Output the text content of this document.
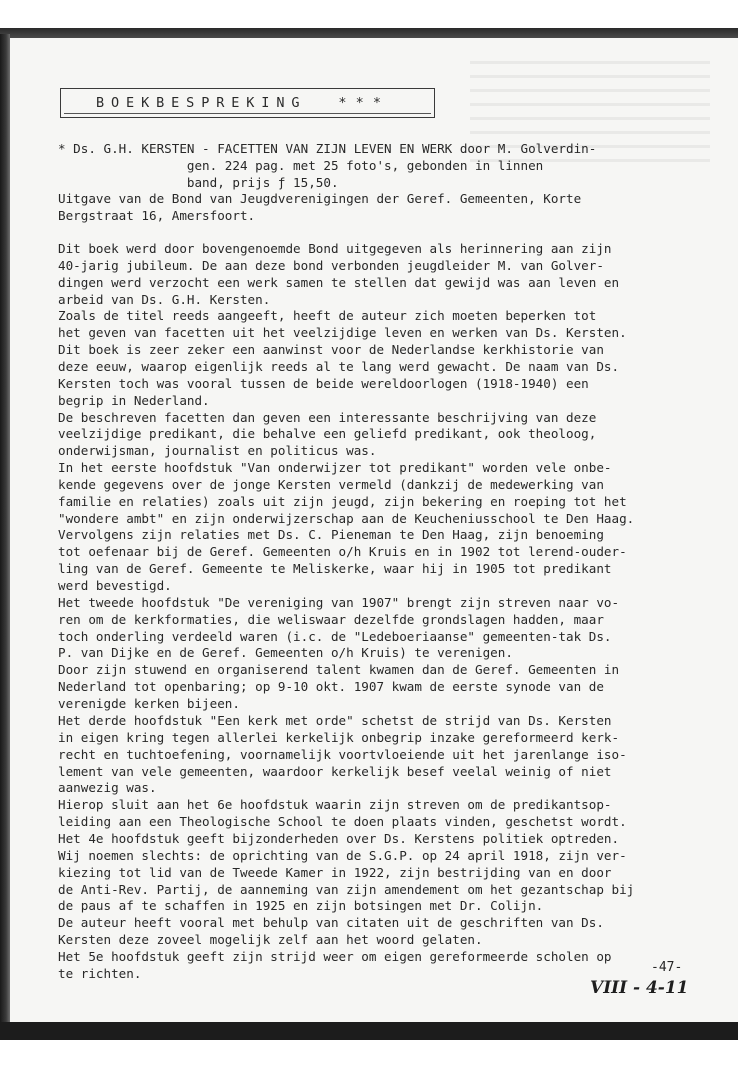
BOEKBESPREKING * * *
* Ds. G.H. KERSTEN - FACETTEN VAN ZIJN LEVEN EN WERK door M. Golverdin-
gen. 224 pag. met 25 foto's, gebonden in linnen
band, prijs ƒ 15,50.
Uitgave van de Bond van Jeugdverenigingen der Geref. Gemeenten, Korte
Bergstraat 16, Amersfoort.
Dit boek werd door bovengenoemde Bond uitgegeven als herinnering aan zijn
40-jarig jubileum. De aan deze bond verbonden jeugdleider M. van Golver-
dingen werd verzocht een werk samen te stellen dat gewijd was aan leven en
arbeid van Ds. G.H. Kersten.
Zoals de titel reeds aangeeft, heeft de auteur zich moeten beperken tot
het geven van facetten uit het veelzijdige leven en werken van Ds. Kersten.
Dit boek is zeer zeker een aanwinst voor de Nederlandse kerkhistorie van
deze eeuw, waarop eigenlijk reeds al te lang werd gewacht. De naam van Ds.
Kersten toch was vooral tussen de beide wereldoorlogen (1918-1940) een
begrip in Nederland.
De beschreven facetten dan geven een interessante beschrijving van deze
veelzijdige predikant, die behalve een geliefd predikant, ook theoloog,
onderwijsman, journalist en politicus was.
In het eerste hoofdstuk "Van onderwijzer tot predikant" worden vele onbe-
kende gegevens over de jonge Kersten vermeld (dankzij de medewerking van
familie en relaties) zoals uit zijn jeugd, zijn bekering en roeping tot het
"wondere ambt" en zijn onderwijzerschap aan de Keucheniusschool te Den Haag.
Vervolgens zijn relaties met Ds. C. Pieneman te Den Haag, zijn benoeming
tot oefenaar bij de Geref. Gemeenten o/h Kruis en in 1902 tot lerend-ouder-
ling van de Geref. Gemeente te Meliskerke, waar hij in 1905 tot predikant
werd bevestigd.
Het tweede hoofdstuk "De vereniging van 1907" brengt zijn streven naar vo-
ren om de kerkformaties, die weliswaar dezelfde grondslagen hadden, maar
toch onderling verdeeld waren (i.c. de "Ledeboeriaanse" gemeenten-tak Ds.
P. van Dijke en de Geref. Gemeenten o/h Kruis) te verenigen.
Door zijn stuwend en organiserend talent kwamen dan de Geref. Gemeenten in
Nederland tot openbaring; op 9-10 okt. 1907 kwam de eerste synode van de
verenigde kerken bijeen.
Het derde hoofdstuk "Een kerk met orde" schetst de strijd van Ds. Kersten
in eigen kring tegen allerlei kerkelijk onbegrip inzake gereformeerd kerk-
recht en tuchtoefening, voornamelijk voortvloeiende uit het jarenlange iso-
lement van vele gemeenten, waardoor kerkelijk besef veelal weinig of niet
aanwezig was.
Hierop sluit aan het 6e hoofdstuk waarin zijn streven om de predikantsop-
leiding aan een Theologische School te doen plaats vinden, geschetst wordt.
Het 4e hoofdstuk geeft bijzonderheden over Ds. Kerstens politiek optreden.
Wij noemen slechts: de oprichting van de S.G.P. op 24 april 1918, zijn ver-
kiezing tot lid van de Tweede Kamer in 1922, zijn bestrijding van en door
de Anti-Rev. Partij, de aanneming van zijn amendement om het gezantschap bij
de paus af te schaffen in 1925 en zijn botsingen met Dr. Colijn.
De auteur heeft vooral met behulp van citaten uit de geschriften van Ds.
Kersten deze zoveel mogelijk zelf aan het woord gelaten.
Het 5e hoofdstuk geeft zijn strijd weer om eigen gereformeerde scholen op
te richten.	-47-
VIII - 4-11
